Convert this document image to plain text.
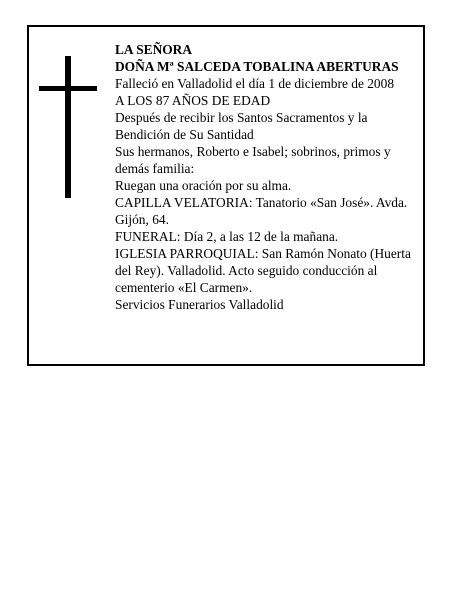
LA SEÑORA

DOÑA Mª SALCEDA TOBALINA ABERTURAS

Falleció en Valladolid el día 1 de diciembre de 2008

A LOS 87 AÑOS DE EDAD

Después de recibir los Santos Sacramentos y la Bendición de Su Santidad

Sus hermanos, Roberto e Isabel; sobrinos, primos y demás familia:

Ruegan una oración por su alma.

CAPILLA VELATORIA: Tanatorio «San José». Avda. Gijón, 64.

FUNERAL: Día 2, a las 12 de la mañana.

IGLESIA PARROQUIAL: San Ramón Nonato (Huerta del Rey). Valladolid. Acto seguido conducción al cementerio «El Carmen».

Servicios Funerarios Valladolid
